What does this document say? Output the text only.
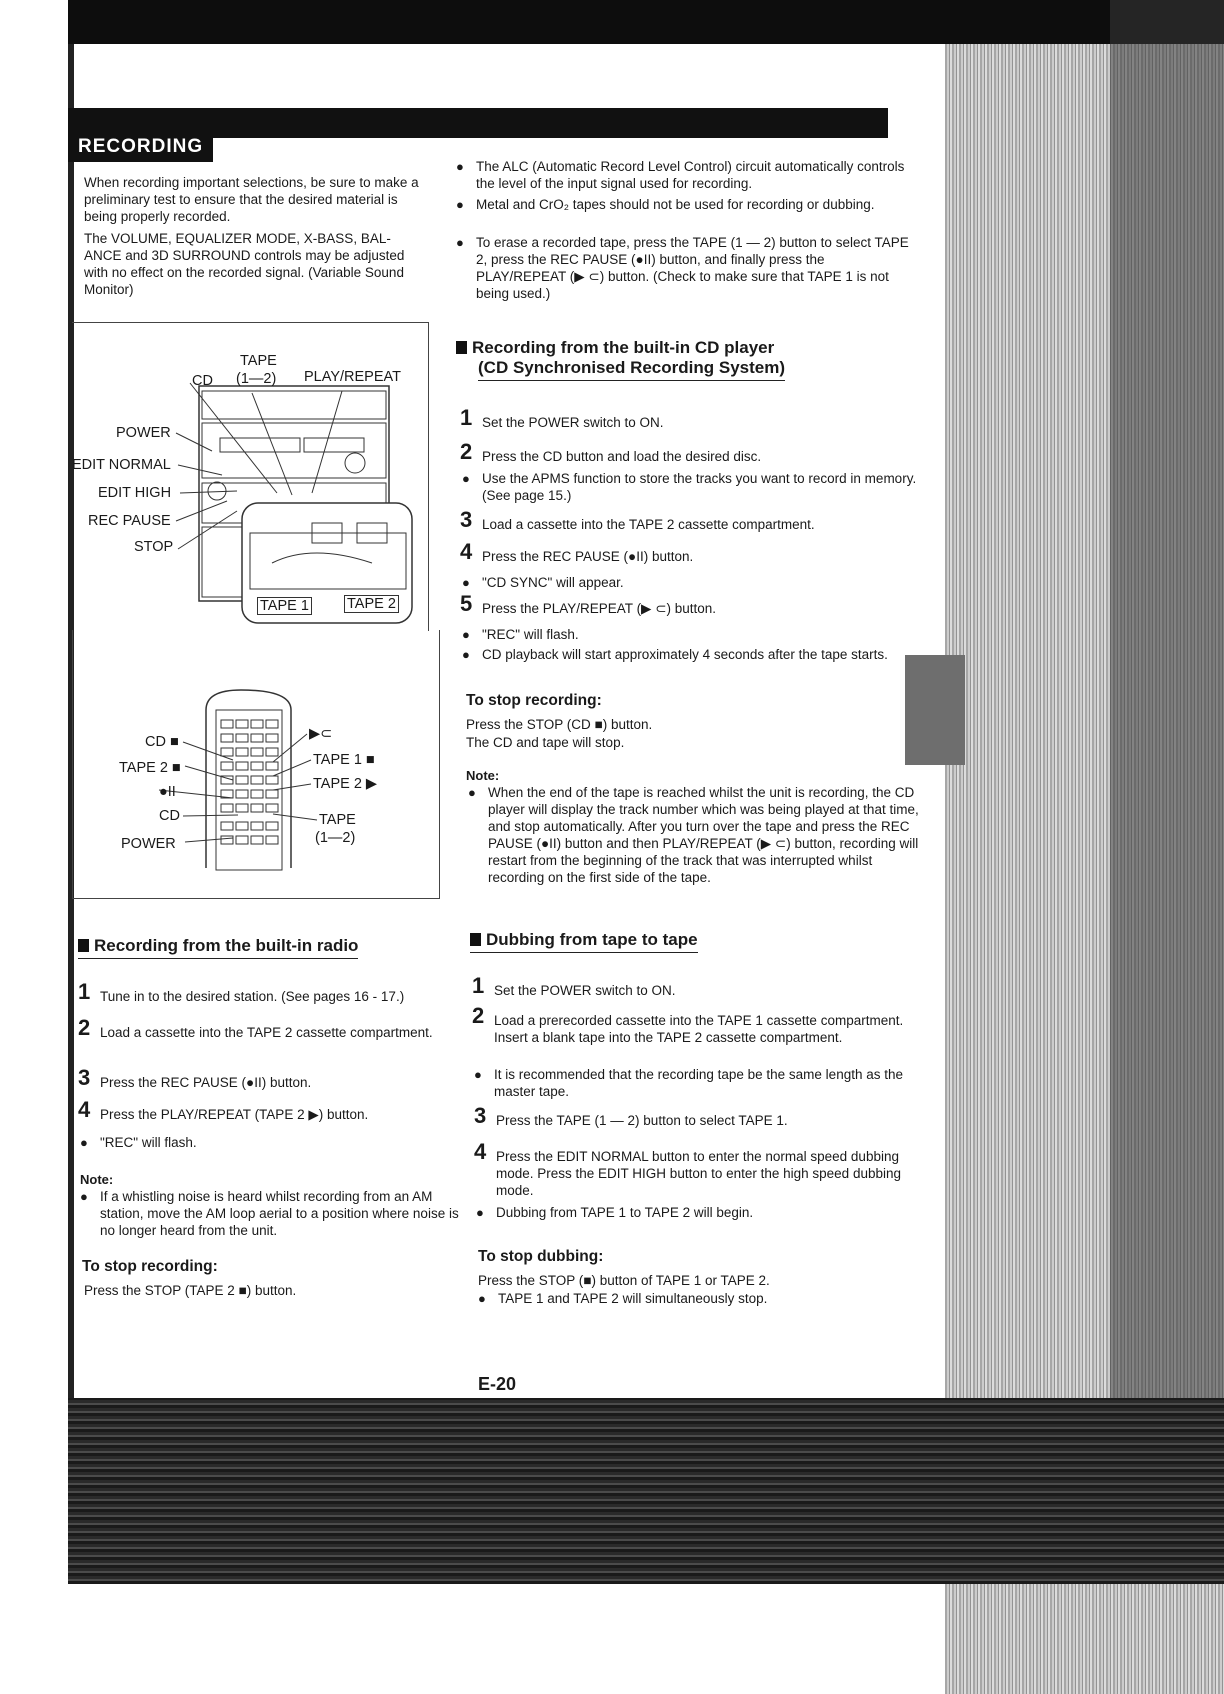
RECORDING

When recording important selections, be sure to make a preliminary test to ensure that the desired material is being properly recorded.

The VOLUME, EQUALIZER MODE, X-BASS, BAL-ANCE and 3D SURROUND controls may be adjusted with no effect on the recorded signal. (Variable Sound Monitor)

● The ALC (Automatic Record Level Control) circuit automatically controls the level of the input signal used for recording.

● Metal and CrO₂ tapes should not be used for recording or dubbing.

● To erase a recorded tape, press the TAPE (1 — 2) button to select TAPE 2, press the REC PAUSE (●II) button, and finally press the PLAY/REPEAT (▶ ⊂) button. (Check to make sure that TAPE 1 is not being used.)

TAPE
CD (1—2) PLAY/REPEAT
POWER
EDIT NORMAL
EDIT HIGH
REC PAUSE
STOP
TAPE 1	TAPE 2
CD ■
TAPE 2 ■
●II
CD
POWER
▶⊂
TAPE 1 ■
TAPE 2 ▶
TAPE
(1—2)
Recording from the built-in radio

1 Tune in to the desired station. (See pages 16 - 17.)

2 Load a cassette into the TAPE 2 cassette compartment.

3 Press the REC PAUSE (●II) button.

4 Press the PLAY/REPEAT (TAPE 2 ▶) button.

● "REC" will flash.

Note:

● If a whistling noise is heard whilst recording from an AM station, move the AM loop aerial to a position where noise is no longer heard from the unit.

To stop recording:

Press the STOP (TAPE 2 ■) button.

Recording from the built-in CD player
(CD Synchronised Recording System)

1 Set the POWER switch to ON.

2 Press the CD button and load the desired disc.

● Use the APMS function to store the tracks you want to record in memory. (See page 15.)

3 Load a cassette into the TAPE 2 cassette compartment.

4 Press the REC PAUSE (●II) button.

● "CD SYNC" will appear.

5 Press the PLAY/REPEAT (▶ ⊂) button.

● "REC" will flash.

● CD playback will start approximately 4 seconds after the tape starts.

To stop recording:

Press the STOP (CD ■) button.

The CD and tape will stop.

Note:

● When the end of the tape is reached whilst the unit is recording, the CD player will display the track number which was being played at that time, and stop automatically. After you turn over the tape and press the REC PAUSE (●II) button and then PLAY/REPEAT (▶ ⊂) button, recording will restart from the beginning of the track that was interrupted whilst recording on the first side of the tape.

Dubbing from tape to tape

1 Set the POWER switch to ON.

2 Load a prerecorded cassette into the TAPE 1 cassette compartment. Insert a blank tape into the TAPE 2 cassette compartment.

● It is recommended that the recording tape be the same length as the master tape.

3 Press the TAPE (1 — 2) button to select TAPE 1.

4 Press the EDIT NORMAL button to enter the normal speed dubbing mode. Press the EDIT HIGH button to enter the high speed dubbing mode.

● Dubbing from TAPE 1 to TAPE 2 will begin.

To stop dubbing:

Press the STOP (■) button of TAPE 1 or TAPE 2.

● TAPE 1 and TAPE 2 will simultaneously stop.

E-20
